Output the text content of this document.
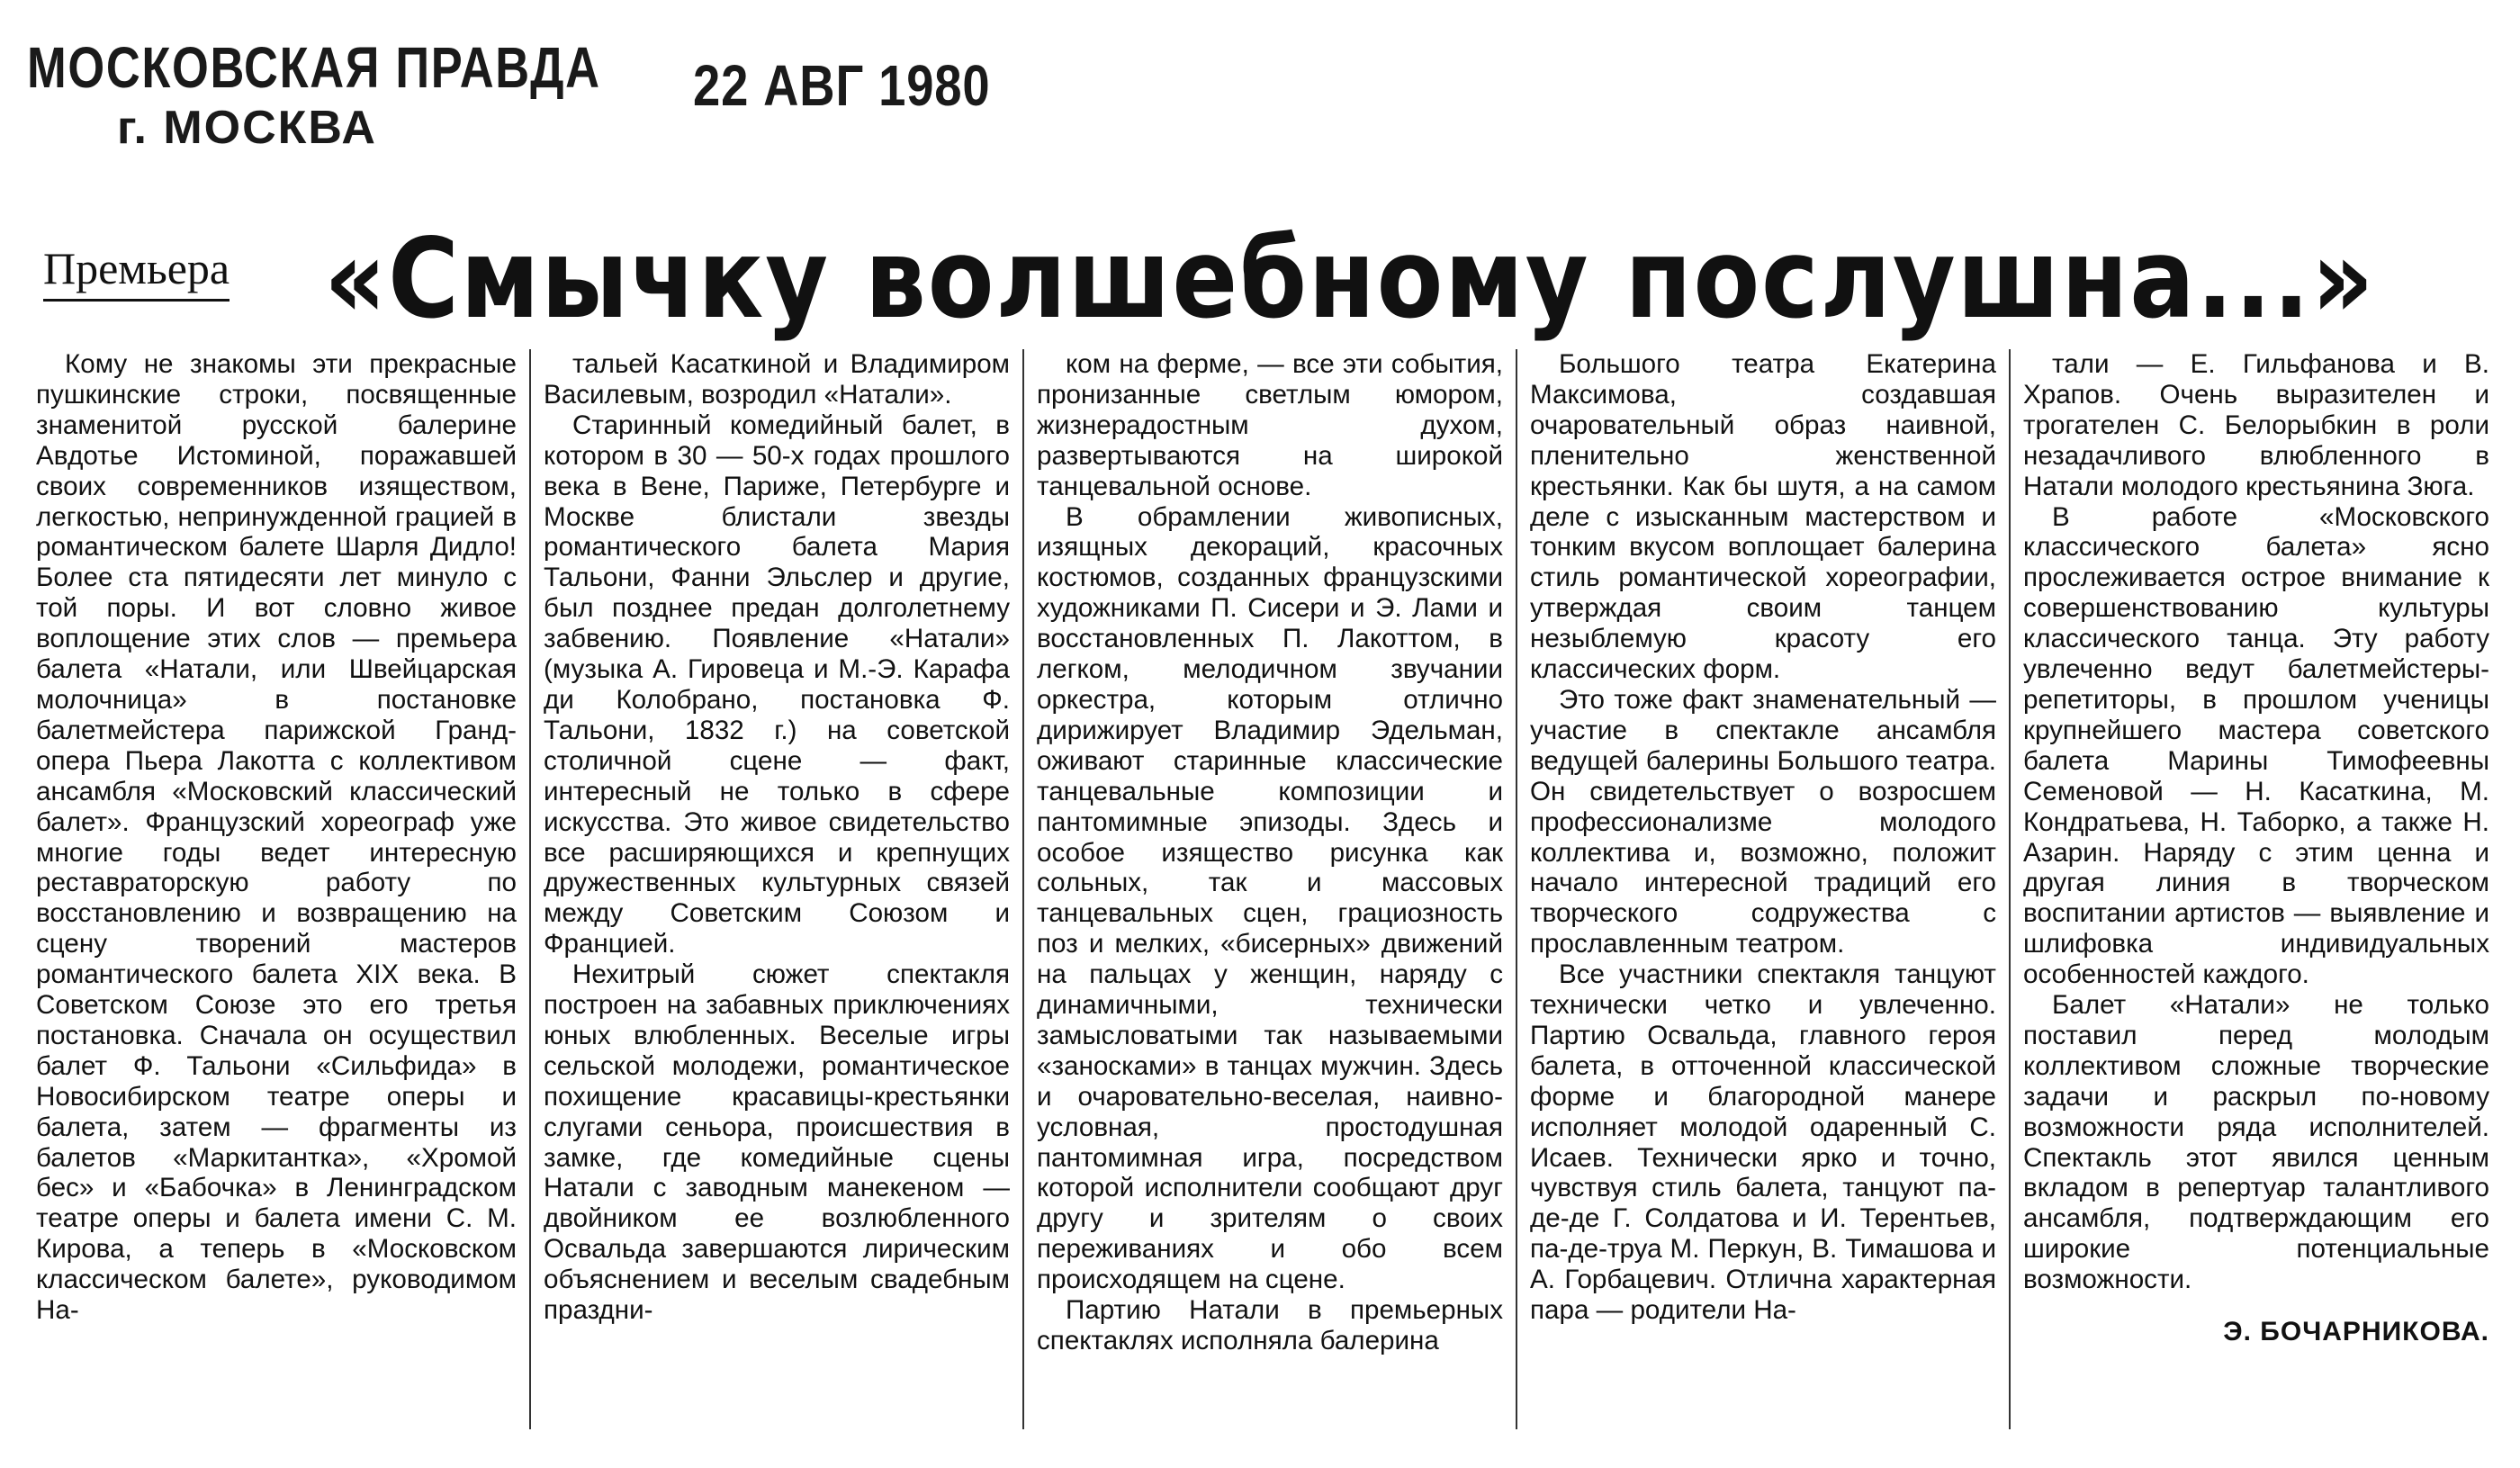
МОСКОВСКАЯ ПРАВДА
г. МОСКВА
22 АВГ 1980
Премьера «Смычку волшебному послушна...»

Кому не знакомы эти прекрасные пушкинские строки, посвященные знаменитой русской балерине Авдотье Истоминой, поражавшей своих современников изяществом, легкостью, непринужденной грацией в романтическом балете Шарля Дидло! Более ста пятидесяти лет минуло с той поры. И вот словно живое воплощение этих слов — премьера балета «Натали, или Швейцарская молочница» в постановке балетмейстера парижской Гранд-опера Пьера Лакотта с коллективом ансамбля «Московский классический балет». Французский хореограф уже многие годы ведет интересную реставраторскую работу по восстановлению и возвращению на сцену творений мастеров романтического балета XIX века. В Советском Союзе это его третья постановка. Сначала он осуществил балет Ф. Тальони «Сильфида» в Новосибирском театре оперы и балета, затем — фрагменты из балетов «Маркитантка», «Хромой бес» и «Бабочка» в Ленинградском театре оперы и балета имени С. М. Кирова, а теперь в «Московском классическом балете», руководимом На-

тальей Касаткиной и Владимиром Василевым, возродил «Натали».

Старинный комедийный балет, в котором в 30 — 50-х годах прошлого века в Вене, Париже, Петербурге и Москве блистали звезды романтического балета Мария Тальони, Фанни Эльслер и другие, был позднее предан долголетнему забвению. Появление «Натали» (музыка А. Гировеца и М.-Э. Карафа ди Колобрано, постановка Ф. Тальони, 1832 г.) на советской столичной сцене — факт, интересный не только в сфере искусства. Это живое свидетельство все расширяющихся и крепнущих дружественных культурных связей между Советским Союзом и Францией.

Нехитрый сюжет спектакля построен на забавных приключениях юных влюбленных. Веселые игры сельской молодежи, романтическое похищение красавицы-крестьянки слугами сеньора, происшествия в замке, где комедийные сцены Натали с заводным манекеном — двойником ее возлюбленного Освальда завершаются лирическим объяснением и веселым свадебным праздни-

ком на ферме, — все эти события, пронизанные светлым юмором, жизнерадостным духом, развертываются на широкой танцевальной основе.

В обрамлении живописных, изящных декораций, красочных костюмов, созданных французскими художниками П. Сисери и Э. Лами и восстановленных П. Лакоттом, в легком, мелодичном звучании оркестра, которым отлично дирижирует Владимир Эдельман, оживают старинные классические танцевальные композиции и пантомимные эпизоды. Здесь и особое изящество рисунка как сольных, так и массовых танцевальных сцен, грациозность поз и мелких, «бисерных» движений на пальцах у женщин, наряду с динамичными, технически замысловатыми так называемыми «заносками» в танцах мужчин. Здесь и очаровательно-веселая, наивно-условная, простодушная пантомимная игра, посредством которой исполнители сообщают друг другу и зрителям о своих переживаниях и обо всем происходящем на сцене.

Партию Натали в премьерных спектаклях исполняла балерина

Большого театра Екатерина Максимова, создавшая очаровательный образ наивной, пленительно женственной крестьянки. Как бы шутя, а на самом деле с изысканным мастерством и тонким вкусом воплощает балерина стиль романтической хореографии, утверждая своим танцем незыблемую красоту его классических форм.

Это тоже факт знаменательный — участие в спектакле ансамбля ведущей балерины Большого театра. Он свидетельствует о возросшем профессионализме молодого коллектива и, возможно, положит начало интересной традиций его творческого содружества с прославленным театром.

Все участники спектакля танцуют технически четко и увлеченно. Партию Освальда, главного героя балета, в отточенной классической форме и благородной манере исполняет молодой одаренный С. Исаев. Технически ярко и точно, чувствуя стиль балета, танцуют па-де-де Г. Солдатова и И. Терентьев, па-де-труа М. Перкун, В. Тимашова и А. Горбацевич. Отлична характерная пара — родители На-

тали — Е. Гильфанова и В. Храпов. Очень выразителен и трогателен С. Белорыбкин в роли незадачливого влюбленного в Натали молодого крестьянина Зюга.

В работе «Московского классического балета» ясно прослеживается острое внимание к совершенствованию культуры классического танца. Эту работу увлеченно ведут балетмейстеры-репетиторы, в прошлом ученицы крупнейшего мастера советского балета Марины Тимофеевны Семеновой — Н. Касаткина, М. Кондратьева, Н. Таборко, а также Н. Азарин. Наряду с этим ценна и другая линия в творческом воспитании артистов — выявление и шлифовка индивидуальных особенностей каждого.

Балет «Натали» не только поставил перед молодым коллективом сложные творческие задачи и раскрыл по-новому возможности ряда исполнителей. Спектакль этот явился ценным вкладом в репертуар талантливого ансамбля, подтверждающим его широкие потенциальные возможности.

Э. БОЧАРНИКОВА.
